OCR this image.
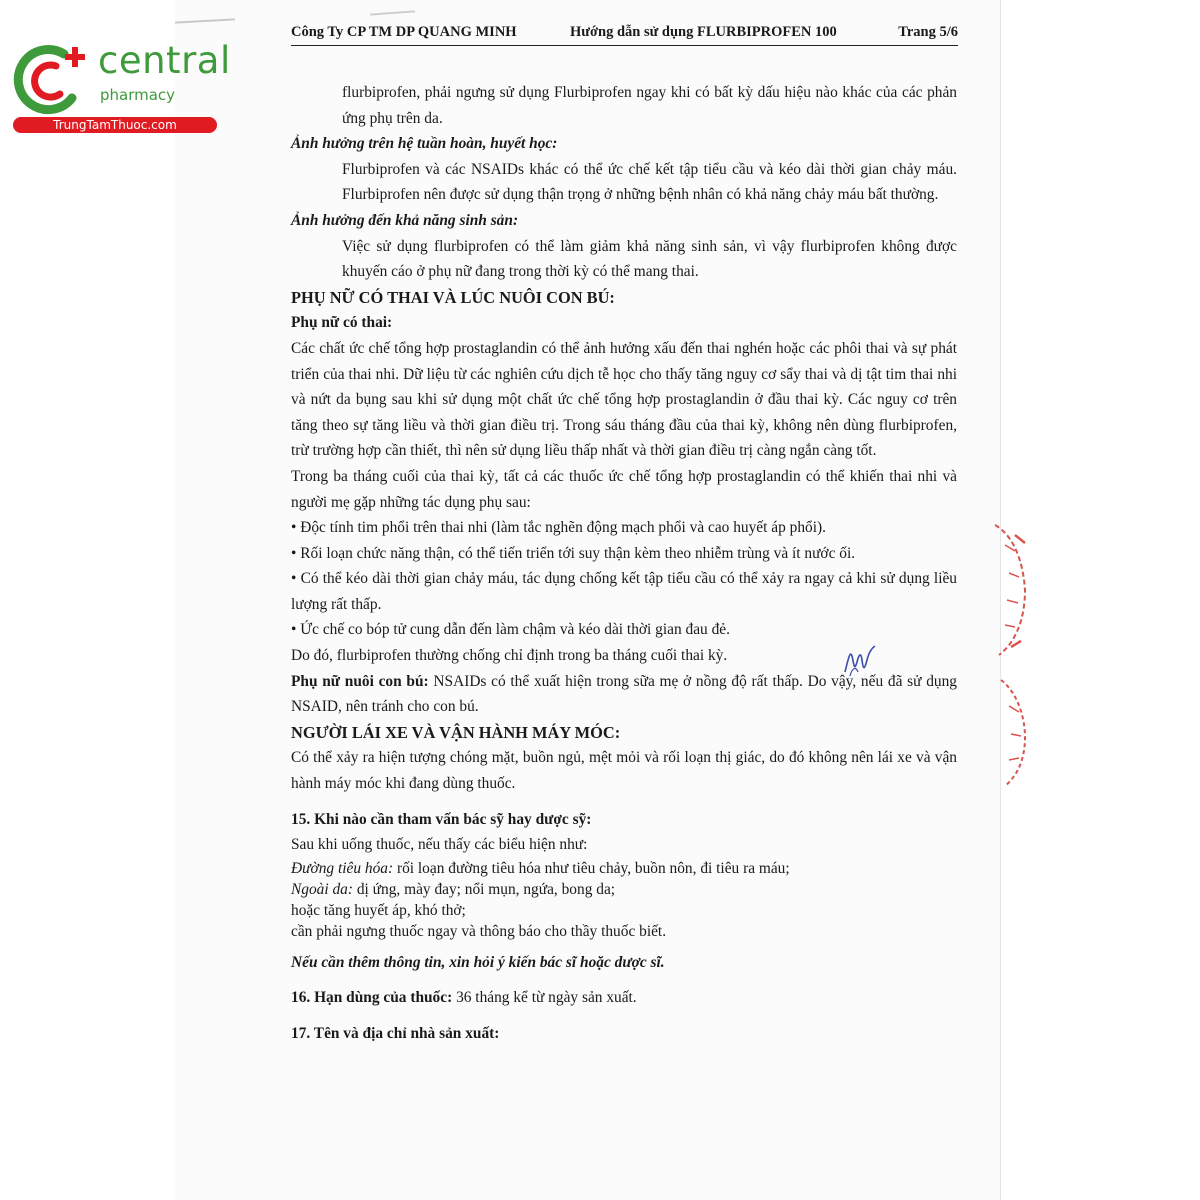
central
pharmacy
TrungTamThuoc.com
Công Ty CP TM DP QUANG MINH	Hướng dẫn sử dụng FLURBIPROFEN 100	Trang 5/6

flurbiprofen, phải ngưng sử dụng Flurbiprofen ngay khi có bất kỳ dấu hiệu nào khác của các phản ứng phụ trên da.

Ảnh hưởng trên hệ tuần hoàn, huyết học:

Flurbiprofen và các NSAIDs khác có thể ức chế kết tập tiểu cầu và kéo dài thời gian chảy máu. Flurbiprofen nên được sử dụng thận trọng ở những bệnh nhân có khả năng chảy máu bất thường.

Ảnh hưởng đến khả năng sinh sản:

Việc sử dụng flurbiprofen có thể làm giảm khả năng sinh sản, vì vậy flurbiprofen không được khuyến cáo ở phụ nữ đang trong thời kỳ có thể mang thai.

PHỤ NỮ CÓ THAI VÀ LÚC NUÔI CON BÚ:

Phụ nữ có thai:

Các chất ức chế tổng hợp prostaglandin có thể ảnh hưởng xấu đến thai nghén hoặc các phôi thai và sự phát triển của thai nhi. Dữ liệu từ các nghiên cứu dịch tễ học cho thấy tăng nguy cơ sẩy thai và dị tật tim thai nhi và nứt da bụng sau khi sử dụng một chất ức chế tổng hợp prostaglandin ở đầu thai kỳ. Các nguy cơ trên tăng theo sự tăng liều và thời gian điều trị. Trong sáu tháng đầu của thai kỳ, không nên dùng flurbiprofen, trừ trường hợp cần thiết, thì nên sử dụng liều thấp nhất và thời gian điều trị càng ngắn càng tốt.

Trong ba tháng cuối của thai kỳ, tất cả các thuốc ức chế tổng hợp prostaglandin có thể khiến thai nhi và người mẹ gặp những tác dụng phụ sau:

• Độc tính tim phổi trên thai nhi (làm tắc nghẽn động mạch phổi và cao huyết áp phổi).

• Rối loạn chức năng thận, có thể tiến triển tới suy thận kèm theo nhiễm trùng và ít nước ối.

• Có thể kéo dài thời gian chảy máu, tác dụng chống kết tập tiểu cầu có thể xảy ra ngay cả khi sử dụng liều lượng rất thấp.

• Ức chế co bóp tử cung dẫn đến làm chậm và kéo dài thời gian đau đẻ.

Do đó, flurbiprofen thường chống chỉ định trong ba tháng cuối thai kỳ.

Phụ nữ nuôi con bú: NSAIDs có thể xuất hiện trong sữa mẹ ở nồng độ rất thấp. Do vậy, nếu đã sử dụng NSAID, nên tránh cho con bú.

NGƯỜI LÁI XE VÀ VẬN HÀNH MÁY MÓC:

Có thể xảy ra hiện tượng chóng mặt, buồn ngủ, mệt mỏi và rối loạn thị giác, do đó không nên lái xe và vận hành máy móc khi đang dùng thuốc.

15. Khi nào cần tham vấn bác sỹ hay dược sỹ:

Sau khi uống thuốc, nếu thấy các biểu hiện như:

Đường tiêu hóa: rối loạn đường tiêu hóa như tiêu chảy, buồn nôn, đi tiêu ra máu;

Ngoài da: dị ứng, mày đay; nổi mụn, ngứa, bong da;

hoặc tăng huyết áp, khó thở;

cần phải ngưng thuốc ngay và thông báo cho thầy thuốc biết.

Nếu cần thêm thông tin, xin hỏi ý kiến bác sĩ hoặc dược sĩ.

16. Hạn dùng của thuốc: 36 tháng kể từ ngày sản xuất.

17. Tên và địa chỉ nhà sản xuất:
